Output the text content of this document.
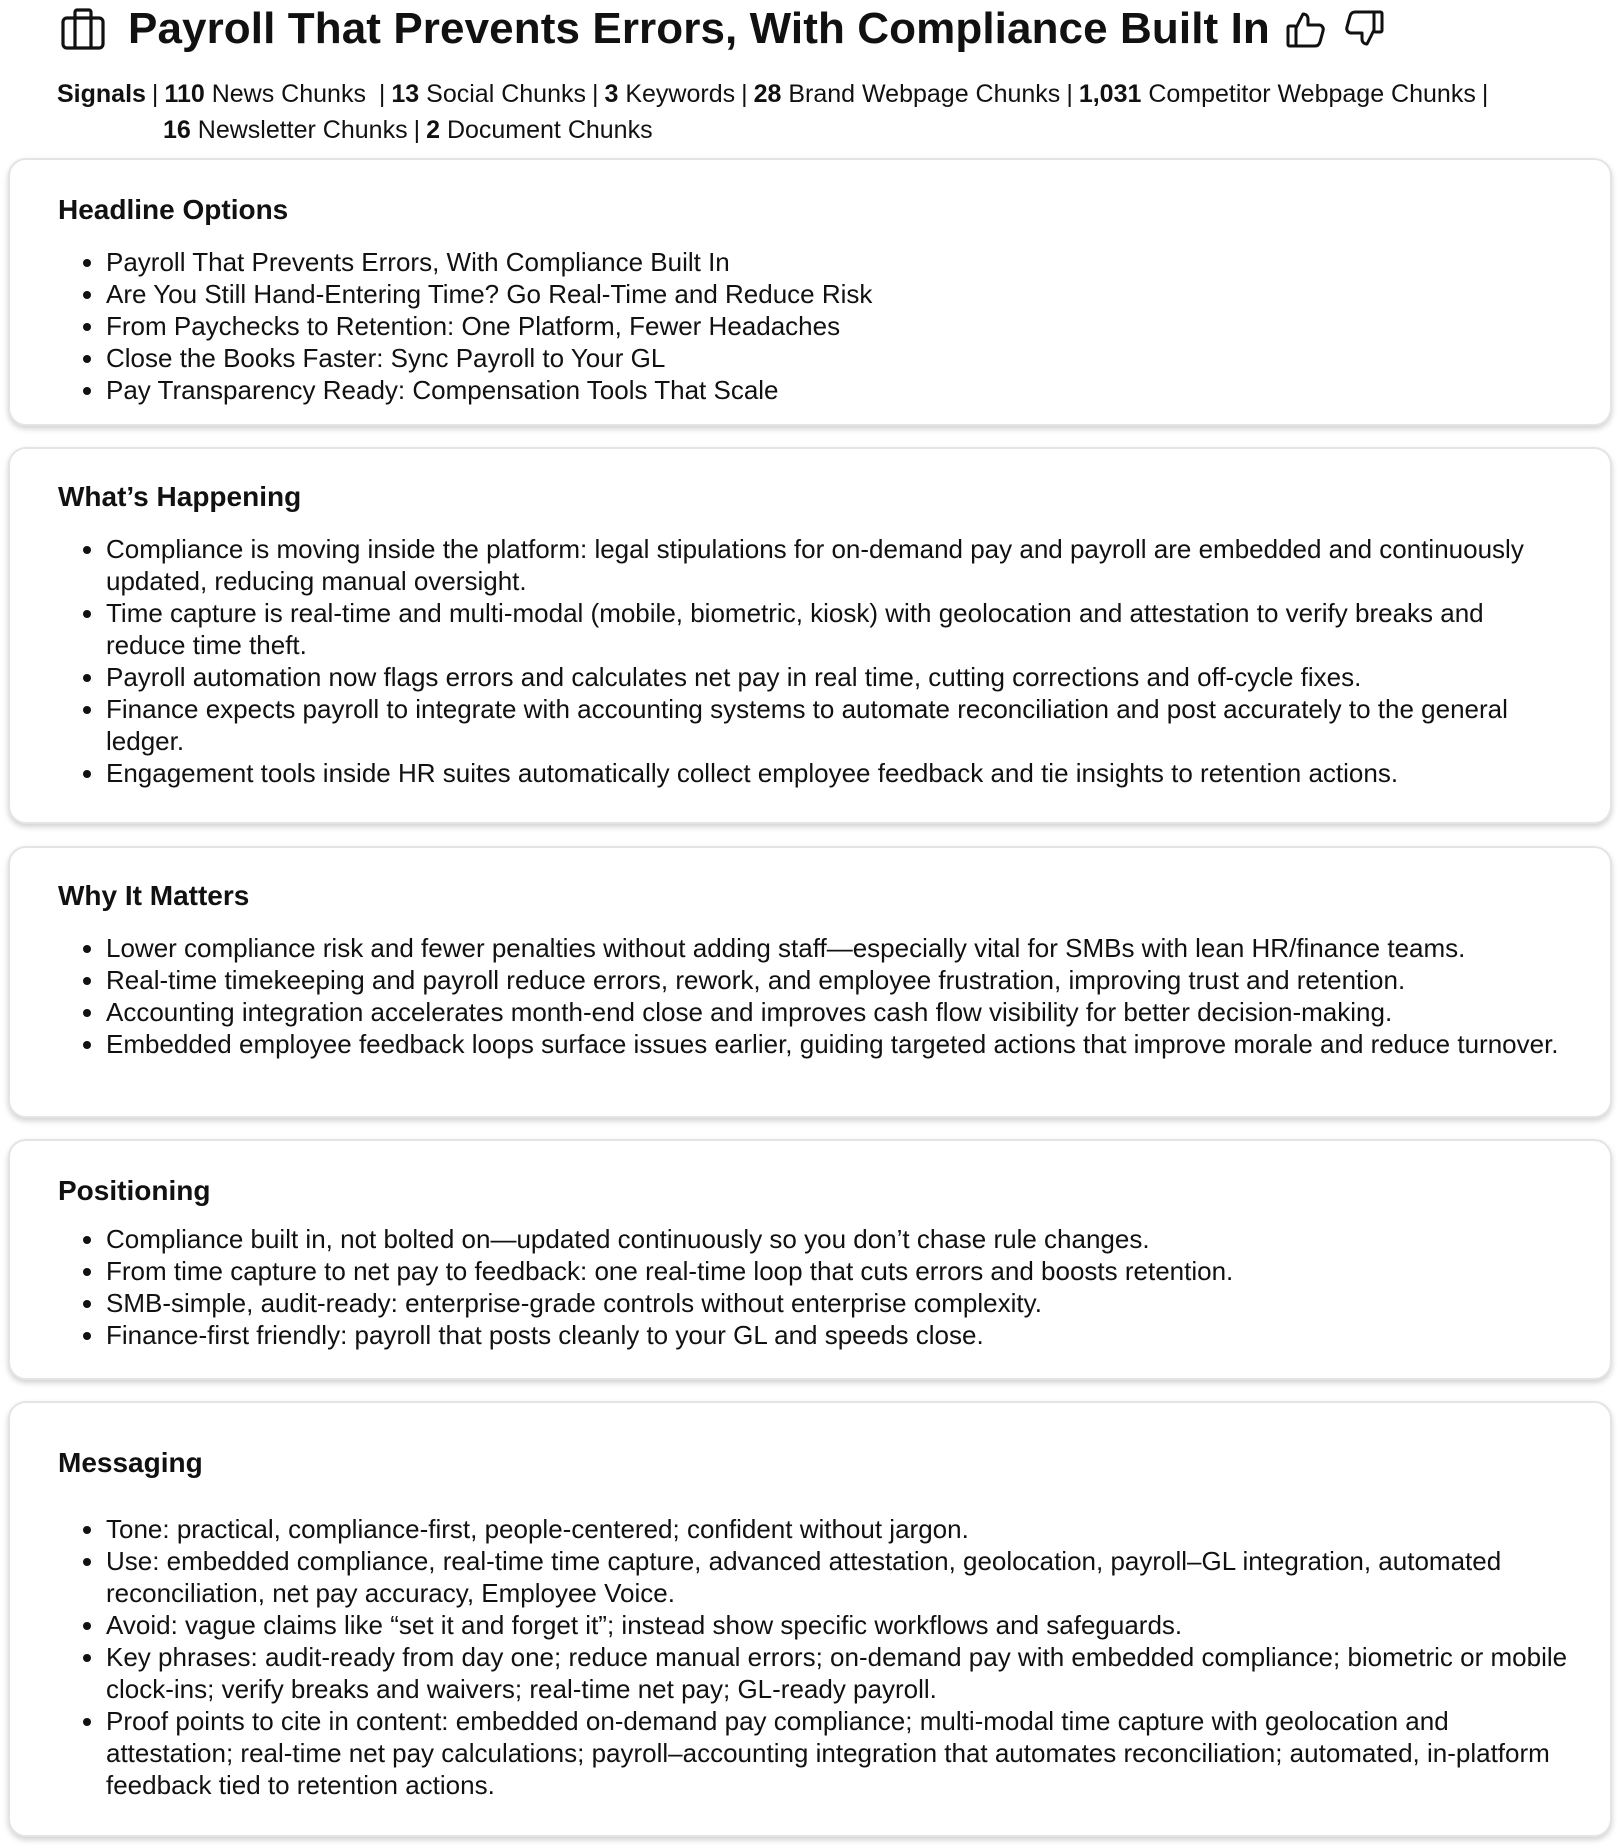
Payroll That Prevents Errors, With Compliance Built In
Signals | 110 News Chunks | 13 Social Chunks | 3 Keywords | 28 Brand Webpage Chunks | 1,031 Competitor Webpage Chunks |
16 Newsletter Chunks | 2 Document Chunks
Headline Options
• Payroll That Prevents Errors, With Compliance Built In
• Are You Still Hand-Entering Time? Go Real-Time and Reduce Risk
• From Paychecks to Retention: One Platform, Fewer Headaches
• Close the Books Faster: Sync Payroll to Your GL
• Pay Transparency Ready: Compensation Tools That Scale
What’s Happening
• Compliance is moving inside the platform: legal stipulations for on-demand pay and payroll are embedded and continuously updated, reducing manual oversight.
• Time capture is real-time and multi-modal (mobile, biometric, kiosk) with geolocation and attestation to verify breaks and reduce time theft.
• Payroll automation now flags errors and calculates net pay in real time, cutting corrections and off-cycle fixes.
• Finance expects payroll to integrate with accounting systems to automate reconciliation and post accurately to the general ledger.
• Engagement tools inside HR suites automatically collect employee feedback and tie insights to retention actions.
Why It Matters
• Lower compliance risk and fewer penalties without adding staff—especially vital for SMBs with lean HR/finance teams.
• Real-time timekeeping and payroll reduce errors, rework, and employee frustration, improving trust and retention.
• Accounting integration accelerates month-end close and improves cash flow visibility for better decision-making.
• Embedded employee feedback loops surface issues earlier, guiding targeted actions that improve morale and reduce turnover.
Positioning
• Compliance built in, not bolted on—updated continuously so you don’t chase rule changes.
• From time capture to net pay to feedback: one real-time loop that cuts errors and boosts retention.
• SMB-simple, audit-ready: enterprise-grade controls without enterprise complexity.
• Finance-first friendly: payroll that posts cleanly to your GL and speeds close.
Messaging
• Tone: practical, compliance-first, people-centered; confident without jargon.
• Use: embedded compliance, real-time time capture, advanced attestation, geolocation, payroll–GL integration, automated reconciliation, net pay accuracy, Employee Voice.
• Avoid: vague claims like “set it and forget it”; instead show specific workflows and safeguards.
• Key phrases: audit-ready from day one; reduce manual errors; on-demand pay with embedded compliance; biometric or mobile clock-ins; verify breaks and waivers; real-time net pay; GL-ready payroll.
• Proof points to cite in content: embedded on-demand pay compliance; multi-modal time capture with geolocation and attestation; real-time net pay calculations; payroll–accounting integration that automates reconciliation; automated, in-platform feedback tied to retention actions.
